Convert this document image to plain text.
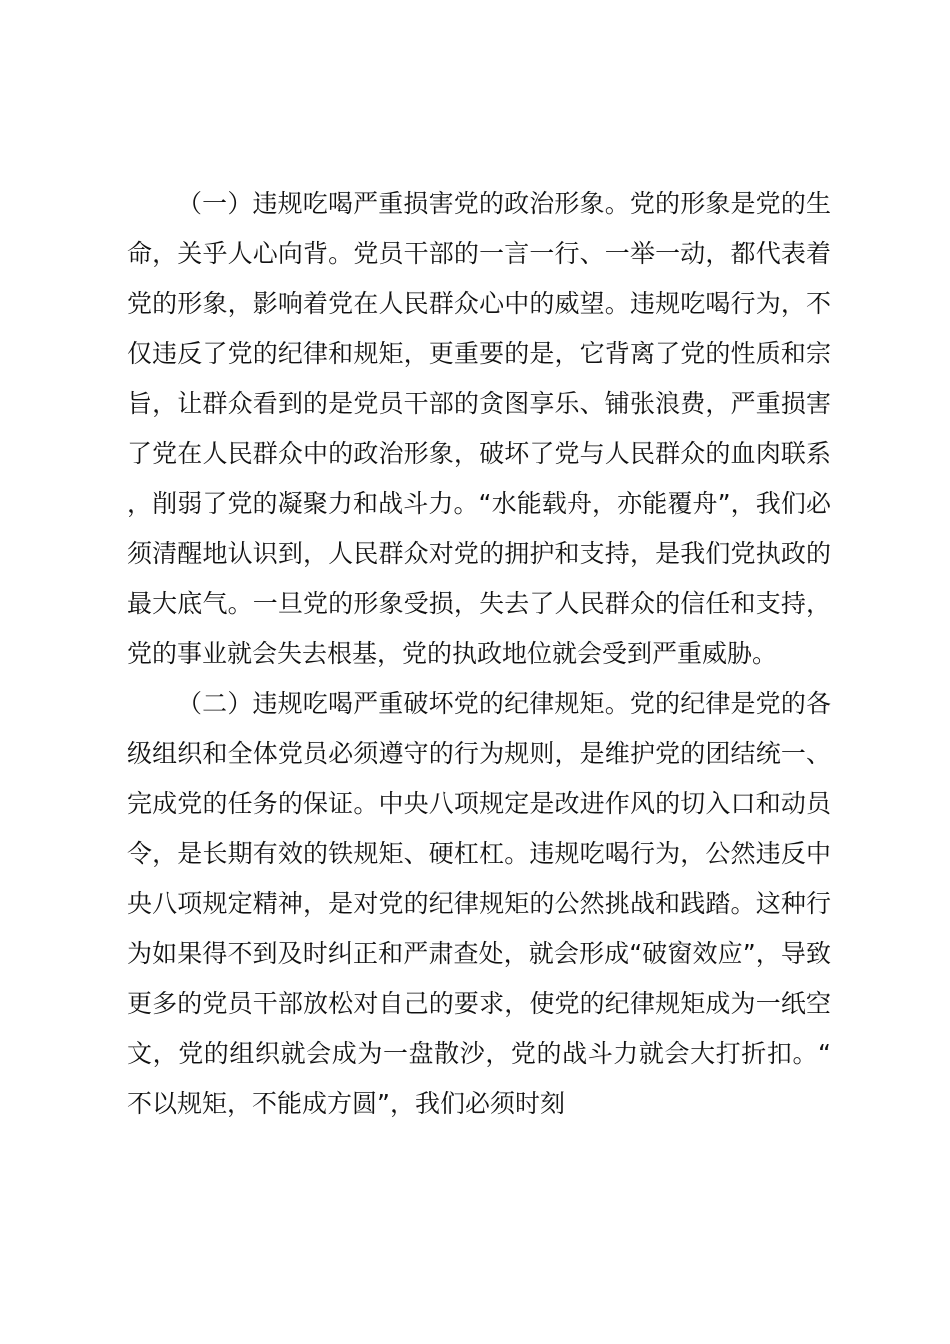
（一）违规吃喝严重损害党的政治形象。党的形象是党的生命，关乎人心向背。党员干部的一言一行、一举一动，都代表着党的形象，影响着党在人民群众心中的威望。违规吃喝行为，不仅违反了党的纪律和规矩，更重要的是，它背离了党的性质和宗旨，让群众看到的是党员干部的贪图享乐、铺张浪费，严重损害了党在人民群众中的政治形象，破坏了党与人民群众的血肉联系，削弱了党的凝聚力和战斗力。“水能载舟，亦能覆舟”，我们必须清醒地认识到，人民群众对党的拥护和支持，是我们党执政的最大底气。一旦党的形象受损，失去了人民群众的信任和支持，党的事业就会失去根基，党的执政地位就会受到严重威胁。

（二）违规吃喝严重破坏党的纪律规矩。党的纪律是党的各级组织和全体党员必须遵守的行为规则，是维护党的团结统一、完成党的任务的保证。中央八项规定是改进作风的切入口和动员令，是长期有效的铁规矩、硬杠杠。违规吃喝行为，公然违反中央八项规定精神，是对党的纪律规矩的公然挑战和践踏。这种行为如果得不到及时纠正和严肃查处，就会形成“破窗效应”，导致更多的党员干部放松对自己的要求，使党的纪律规矩成为一纸空文，党的组织就会成为一盘散沙，党的战斗力就会大打折扣。“不以规矩，不能成方圆”，我们必须时刻
